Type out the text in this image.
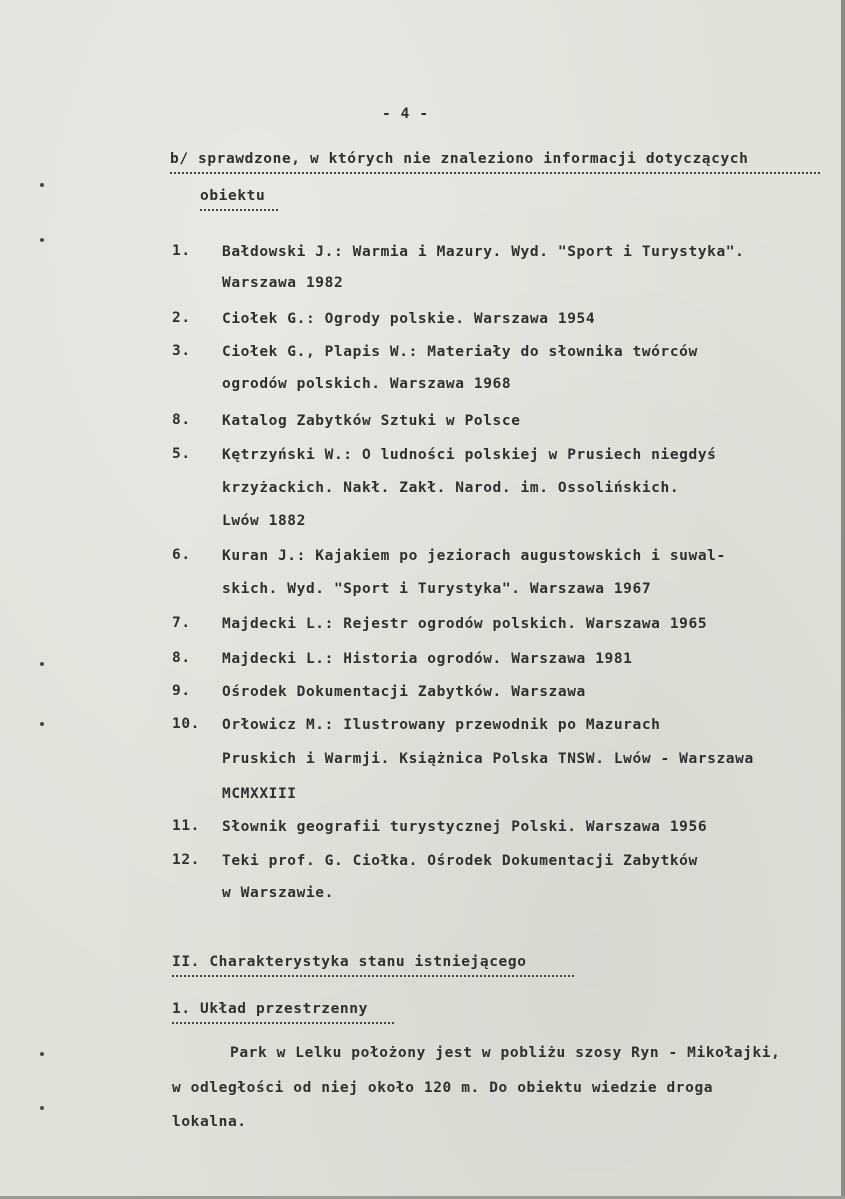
- 4 -
b/ sprawdzone, w których nie znaleziono informacji dotyczących
obiektu
1. Bałdowski J.: Warmia i Mazury. Wyd. "Sport i Turystyka".
Warszawa 1982
2. Ciołek G.: Ogrody polskie. Warszawa 1954
3. Ciołek G., Plapis W.: Materiały do słownika twórców
ogrodów polskich. Warszawa 1968
8. Katalog Zabytków Sztuki w Polsce
5. Kętrzyński W.: O ludności polskiej w Prusiech niegdyś
krzyżackich. Nakł. Zakł. Narod. im. Ossolińskich.
Lwów 1882
6. Kuran J.: Kajakiem po jeziorach augustowskich i suwal-
skich. Wyd. "Sport i Turystyka". Warszawa 1967
7. Majdecki L.: Rejestr ogrodów polskich. Warszawa 1965
8. Majdecki L.: Historia ogrodów. Warszawa 1981
9. Ośrodek Dokumentacji Zabytków. Warszawa
10. Orłowicz M.: Ilustrowany przewodnik po Mazurach
Pruskich i Warmji. Książnica Polska TNSW. Lwów - Warszawa
MCMXXIII
11. Słownik geografii turystycznej Polski. Warszawa 1956
12. Teki prof. G. Ciołka. Ośrodek Dokumentacji Zabytków
w Warszawie.
II. Charakterystyka stanu istniejącego
1. Układ przestrzenny
Park w Lelku położony jest w pobliżu szosy Ryn - Mikołajki,
w odległości od niej około 120 m. Do obiektu wiedzie droga
lokalna.
